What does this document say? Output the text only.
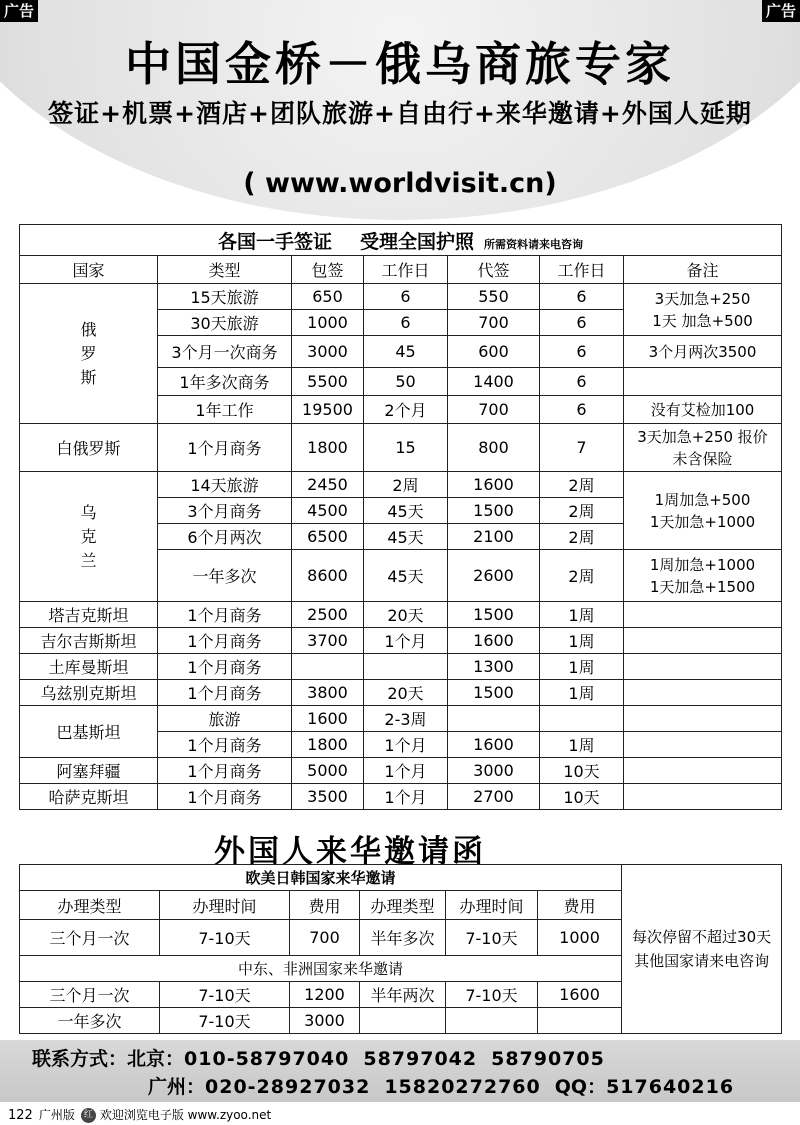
广告	广告
中国金桥－俄乌商旅专家
签证+机票+酒店+团队旅游+自由行+来华邀请+外国人延期
( www.worldvisit.cn)
各国一手签证 受理全国护照 所需资料请来电咨询						
国家	类型	包签	工作日	代签	工作日	备注
俄
罗
斯	15天旅游	650	6	550	6	3天加急+250
1天 加急+500
	30天旅游	1000	6	700	6	
	3个月一次商务	3000	45	600	6	3个月两次3500
	1年多次商务	5500	50	1400	6	
	1年工作	19500	2个月	700	6	没有艾检加100
白俄罗斯	1个月商务	1800	15	800	7	3天加急+250 报价
未含保险
乌
克
兰	14天旅游	2450	2周	1600	2周	1周加急+500
1天加急+1000
	3个月商务	4500	45天	1500	2周	
	6个月两次	6500	45天	2100	2周	
	一年多次	8600	45天	2600	2周	1周加急+1000
1天加急+1500
塔吉克斯坦	1个月商务	2500	20天	1500	1周	
吉尔吉斯斯坦	1个月商务	3700	1个月	1600	1周	
土库曼斯坦	1个月商务			1300	1周	
乌兹别克斯坦	1个月商务	3800	20天	1500	1周	
巴基斯坦	旅游	1600	2-3周			
	1个月商务	1800	1个月	1600	1周	
阿塞拜疆	1个月商务	5000	1个月	3000	10天	
哈萨克斯坦	1个月商务	3500	1个月	2700	10天	
外国人来华邀请函
欧美日韩国家来华邀请						每次停留不超过30天
其他国家请来电咨询
办理类型	办理时间	费用	办理类型	办理时间	费用	
三个月一次	7-10天	700	半年多次	7-10天	1000	
中东、非洲国家来华邀请						
三个月一次	7-10天	1200	半年两次	7-10天	1600	
一年多次	7-10天	3000				
联系方式：北京：010-58797040 58797042 58790705
广州：020-28927032 15820272760 QQ：517640216
122 广州版 红 欢迎浏览电子版 www.zyoo.net
